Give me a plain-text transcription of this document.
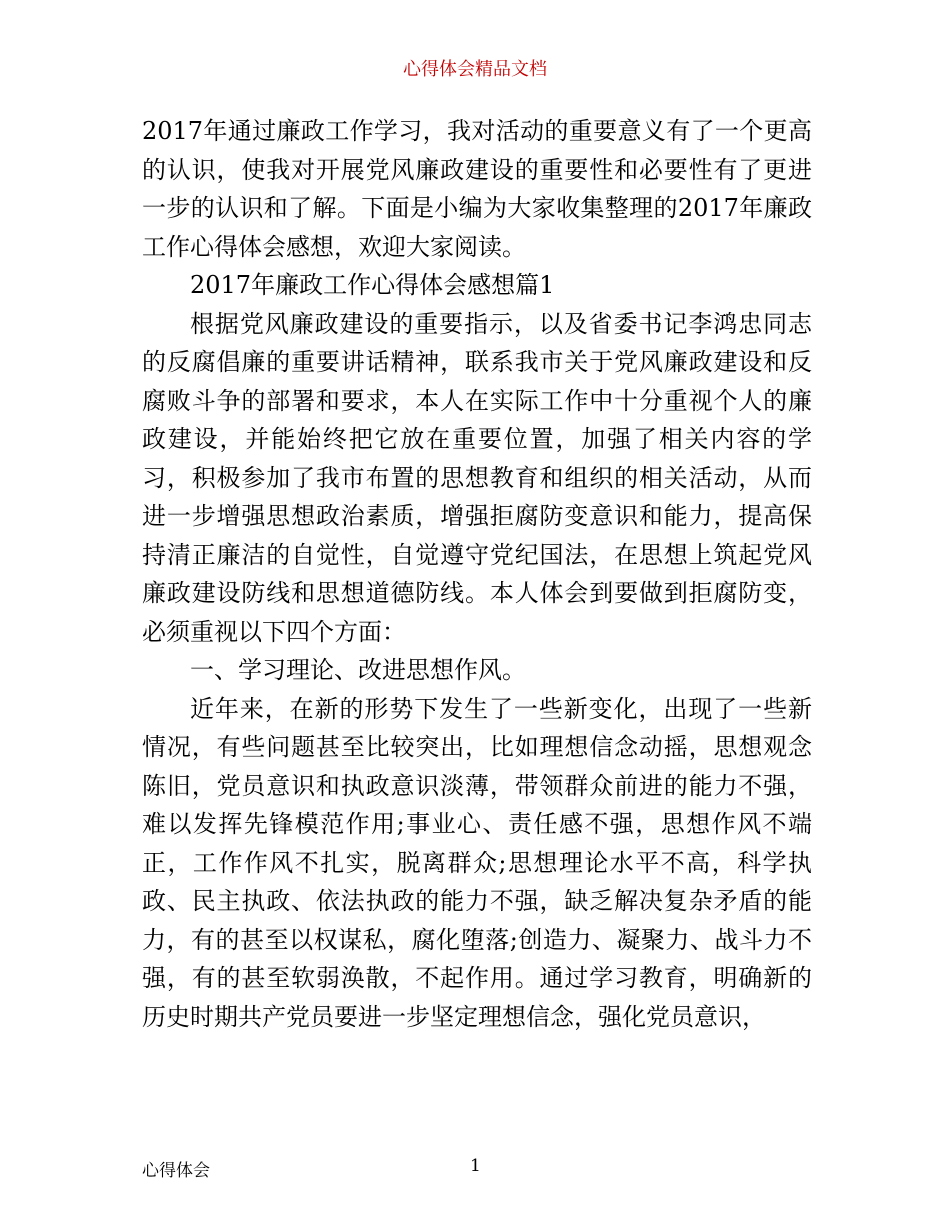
心得体会精品文档

2017年通过廉政工作学习，我对活动的重要意义有了一个更高的认识，使我对开展党风廉政建设的重要性和必要性有了更进一步的认识和了解。下面是小编为大家收集整理的2017年廉政工作心得体会感想，欢迎大家阅读。

2017年廉政工作心得体会感想篇1

根据党风廉政建设的重要指示，以及省委书记李鸿忠同志的反腐倡廉的重要讲话精神，联系我市关于党风廉政建设和反腐败斗争的部署和要求，本人在实际工作中十分重视个人的廉政建设，并能始终把它放在重要位置，加强了相关内容的学习，积极参加了我市布置的思想教育和组织的相关活动，从而进一步增强思想政治素质，增强拒腐防变意识和能力，提高保持清正廉洁的自觉性，自觉遵守党纪国法，在思想上筑起党风廉政建设防线和思想道德防线。本人体会到要做到拒腐防变，必须重视以下四个方面：

一、学习理论、改进思想作风。

近年来，在新的形势下发生了一些新变化，出现了一些新情况，有些问题甚至比较突出，比如理想信念动摇，思想观念陈旧，党员意识和执政意识淡薄，带领群众前进的能力不强，难以发挥先锋模范作用;事业心、责任感不强，思想作风不端正，工作作风不扎实，脱离群众;思想理论水平不高，科学执政、民主执政、依法执政的能力不强，缺乏解决复杂矛盾的能力，有的甚至以权谋私，腐化堕落;创造力、凝聚力、战斗力不强，有的甚至软弱涣散，不起作用。通过学习教育，明确新的历史时期共产党员要进一步坚定理想信念，强化党员意识，

心得体会	1
